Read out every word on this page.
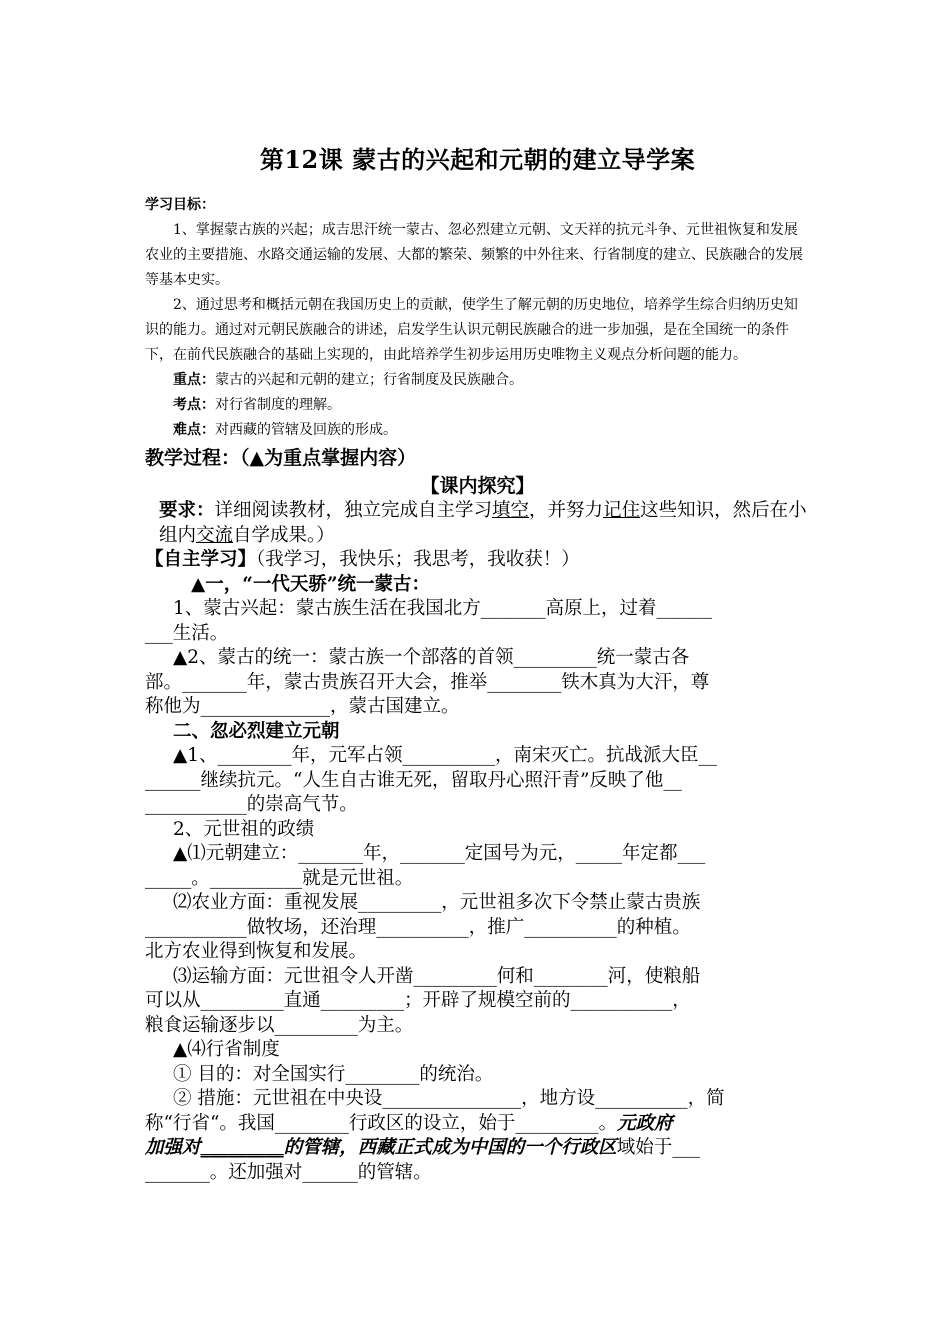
第12课 蒙古的兴起和元朝的建立导学案

学习目标：

1、掌握蒙古族的兴起；成吉思汗统一蒙古、忽必烈建立元朝、文天祥的抗元斗争、元世祖恢复和发展农业的主要措施、水路交通运输的发展、大都的繁荣、频繁的中外往来、行省制度的建立、民族融合的发展等基本史实。

2、通过思考和概括元朝在我国历史上的贡献，使学生了解元朝的历史地位，培养学生综合归纳历史知识的能力。通过对元朝民族融合的讲述，启发学生认识元朝民族融合的进一步加强，是在全国统一的条件下，在前代民族融合的基础上实现的，由此培养学生初步运用历史唯物主义观点分析问题的能力。

重点：蒙古的兴起和元朝的建立；行省制度及民族融合。

考点：对行省制度的理解。

难点：对西藏的管辖及回族的形成。

教学过程：（▲为重点掌握内容）

【课内探究】

要求：详细阅读教材，独立完成自主学习填空，并努力记住这些知识，然后在小组内交流自学成果。）

【自主学习】（我学习，我快乐；我思考，我收获！）

▲一，“一代天骄”统一蒙古：

1、蒙古兴起：蒙古族生活在我国北方_______高原上，过着______

___生活。

▲2、蒙古的统一：蒙古族一个部落的首领_________统一蒙古各

部。_______年，蒙古贵族召开大会，推举________铁木真为大汗，尊

称他为______________，蒙古国建立。

二、忽必烈建立元朝

▲1、________年，元军占领__________，南宋灭亡。抗战派大臣__

______继续抗元。“人生自古谁无死，留取丹心照汗青”反映了他__

___________的崇高气节。

2、元世祖的政绩

▲⑴元朝建立：_______年，_______定国号为元，_____年定都___

_____。__________就是元世祖。

⑵农业方面：重视发展_________，元世祖多次下令禁止蒙古贵族

___________做牧场，还治理__________，推广__________的种植。

北方农业得到恢复和发展。

⑶运输方面：元世祖令人开凿_________何和________河，使粮船

可以从_________直通_________；开辟了规模空前的___________，

粮食运输逐步以_________为主。

▲⑷行省制度

① 目的：对全国实行________的统治。

② 措施：元世祖在中央设_______________，地方设__________，简

称“行省“。我国________行政区的设立，始于_________。元政府

加强对_________的管辖，西藏正式成为中国的一个行政区域始于___

_______。还加强对______的管辖。
